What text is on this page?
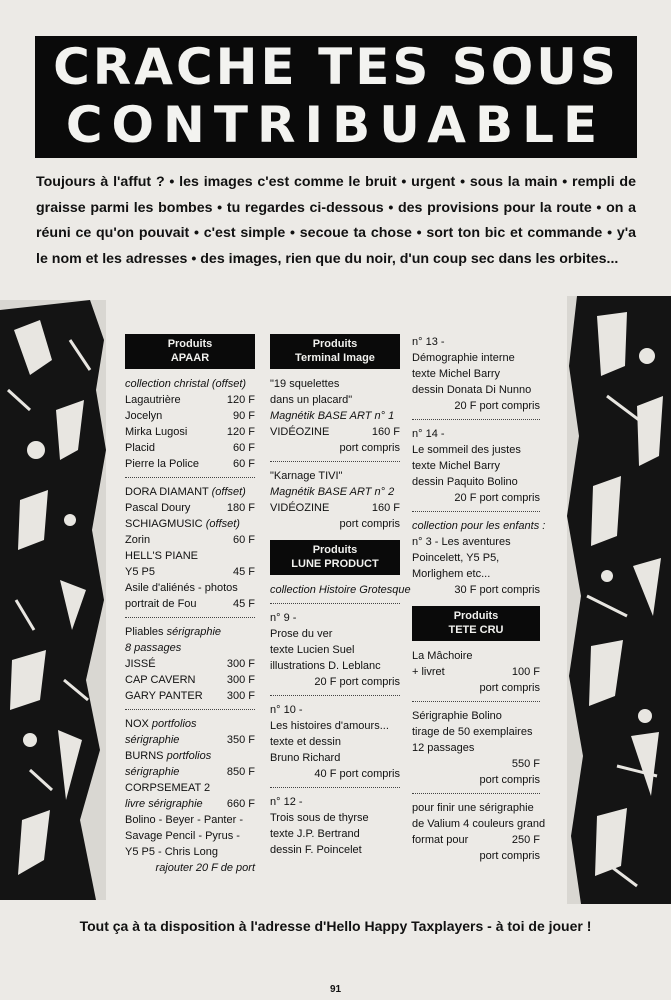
CRACHE TES SOUS
CONTRIBUABLE

Toujours à l'affut ? • les images c'est comme le bruit • urgent • sous la main • rempli de graisse parmi les bombes • tu regardes ci-dessous • des provisions pour la route • on a réuni ce qu'on pouvait • c'est simple • secoue ta chose • sort ton bic et commande • y'a le nom et les adresses • des images, rien que du noir, d'un coup sec dans les orbites...

Produits
APAAR
collection christal (offset)
Lagautrière	120 F
Jocelyn	90 F
Mirka Lugosi	120 F
Placid	60 F
Pierre la Police	60 F
DORA DIAMANT (offset)
Pascal Doury	180 F
SCHIAGMUSIC (offset)
Zorin	60 F
HELL'S PIANE
Y5 P5	45 F
Asile d'aliénés - photos
portrait de Fou	45 F
Pliables sérigraphie
8 passages
JISSÉ	300 F
CAP CAVERN	300 F
GARY PANTER 300 F
NOX portfolios
sérigraphie	350 F
BURNS portfolios
sérigraphie	850 F
CORPSEMEAT 2
livre sérigraphie 660 F
Bolino - Beyer - Panter -
Savage Pencil - Pyrus -
Y5 P5 - Chris Long
rajouter 20 F de port
Produits
Terminal Image
"19 squelettes
dans un placard"
Magnétik BASE ART n° 1
VIDÉOZINE	160 F
port compris
"Karnage TIVI"
Magnétik BASE ART n° 2
VIDÉOZINE	160 F
port compris
Produits
LUNE PRODUCT
collection Histoire Grotesque
n° 9 -
Prose du ver
texte Lucien Suel
illustrations D. Leblanc
20 F port compris
n° 10 -
Les histoires d'amours...
texte et dessin
Bruno Richard
40 F port compris
n° 12 -
Trois sous de thyrse
texte J.P. Bertrand
dessin F. Poincelet
n° 13 -
Démographie interne
texte Michel Barry
dessin Donata Di Nunno
20 F port compris
n° 14 -
Le sommeil des justes
texte Michel Barry
dessin Paquito Bolino
20 F port compris
collection pour les enfants :
n° 3 - Les aventures
Poincelett, Y5 P5,
Morlighem etc...
30 F port compris
Produits
TETE CRU
La Mâchoire
+ livret	100 F
port compris
Sérigraphie Bolino
tirage de 50 exemplaires
12 passages
550 F
port compris
pour finir une sérigraphie
de Valium 4 couleurs grand
format pour	250 F
port compris

Tout ça à ta disposition à l'adresse d'Hello Happy Taxplayers - à toi de jouer !

91
